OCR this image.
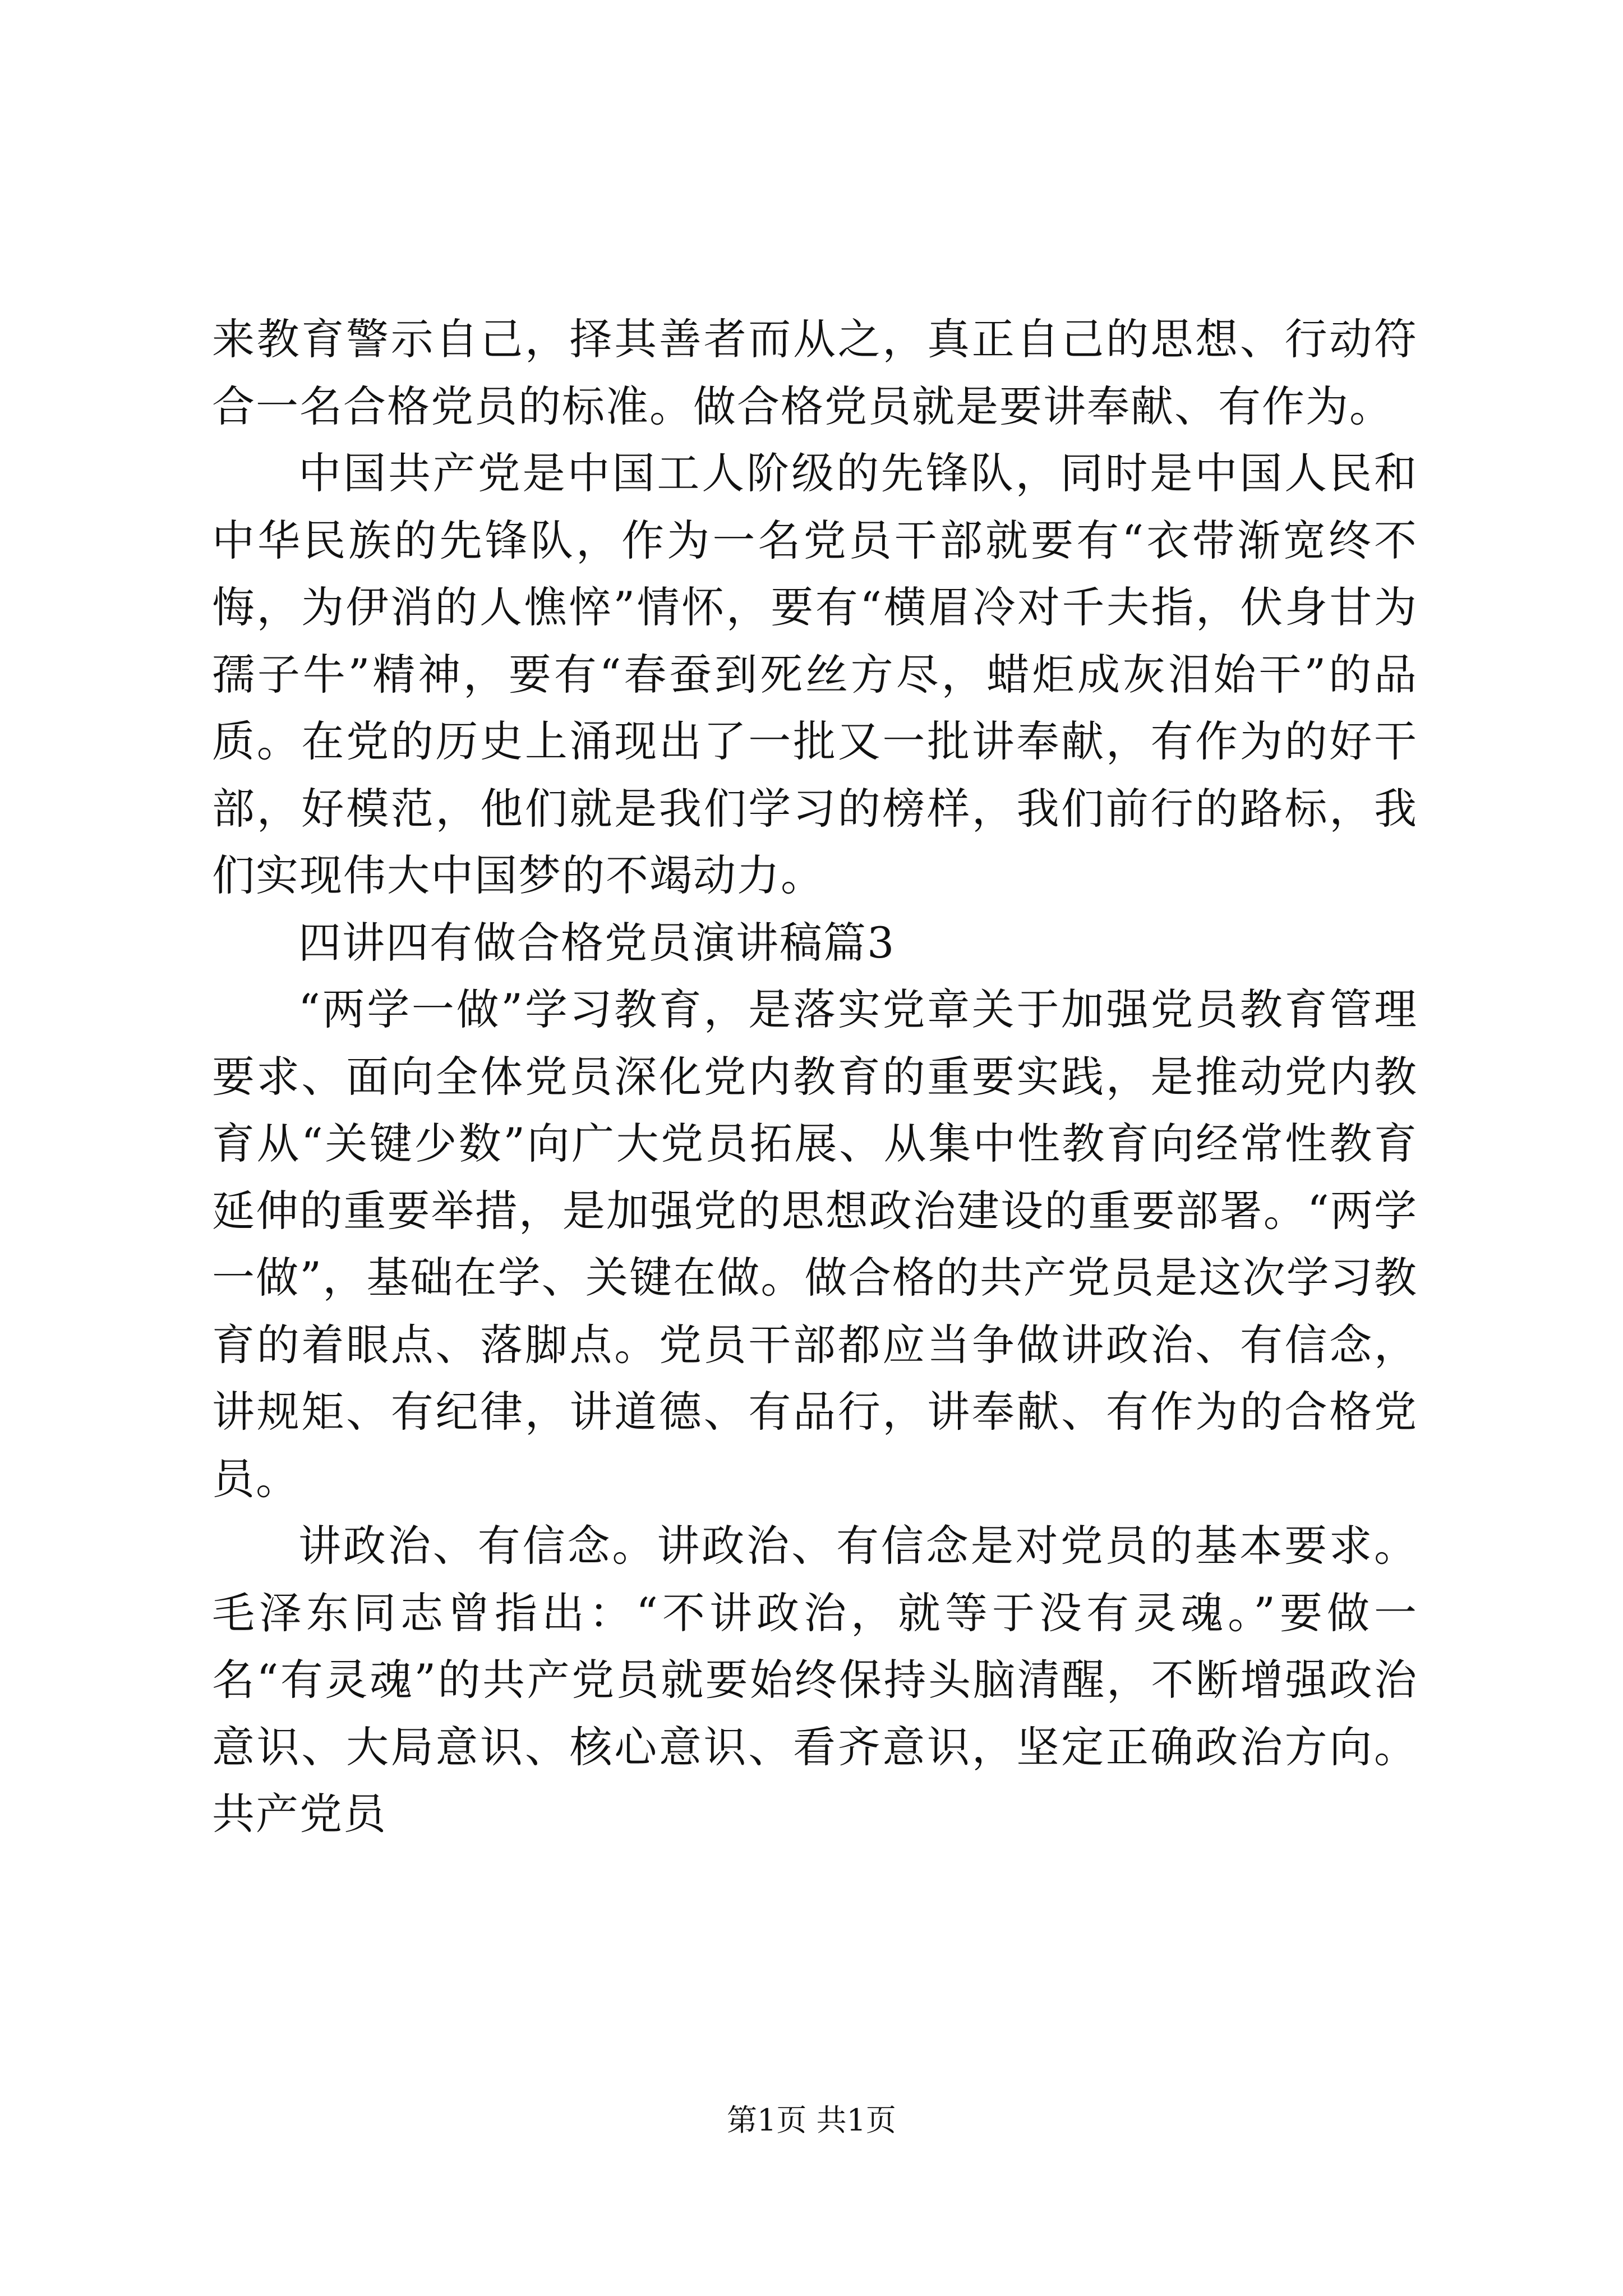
来教育警示自己，择其善者而从之，真正自己的思想、行动符合一名合格党员的标准。做合格党员就是要讲奉献、有作为。

中国共产党是中国工人阶级的先锋队，同时是中国人民和中华民族的先锋队，作为一名党员干部就要有“衣带渐宽终不悔，为伊消的人憔悴”情怀，要有“横眉冷对千夫指，伏身甘为孺子牛”精神，要有“春蚕到死丝方尽，蜡炬成灰泪始干”的品质。在党的历史上涌现出了一批又一批讲奉献，有作为的好干部，好模范，他们就是我们学习的榜样，我们前行的路标，我们实现伟大中国梦的不竭动力。

四讲四有做合格党员演讲稿篇3

“两学一做”学习教育，是落实党章关于加强党员教育管理要求、面向全体党员深化党内教育的重要实践，是推动党内教育从“关键少数”向广大党员拓展、从集中性教育向经常性教育延伸的重要举措，是加强党的思想政治建设的重要部署。“两学一做”，基础在学、关键在做。做合格的共产党员是这次学习教育的着眼点、落脚点。党员干部都应当争做讲政治、有信念，讲规矩、有纪律，讲道德、有品行，讲奉献、有作为的合格党员。

讲政治、有信念。讲政治、有信念是对党员的基本要求。毛泽东同志曾指出：“不讲政治，就等于没有灵魂。”要做一名“有灵魂”的共产党员就要始终保持头脑清醒，不断增强政治意识、大局意识、核心意识、看齐意识，坚定正确政治方向。共产党员

第1页 共1页
